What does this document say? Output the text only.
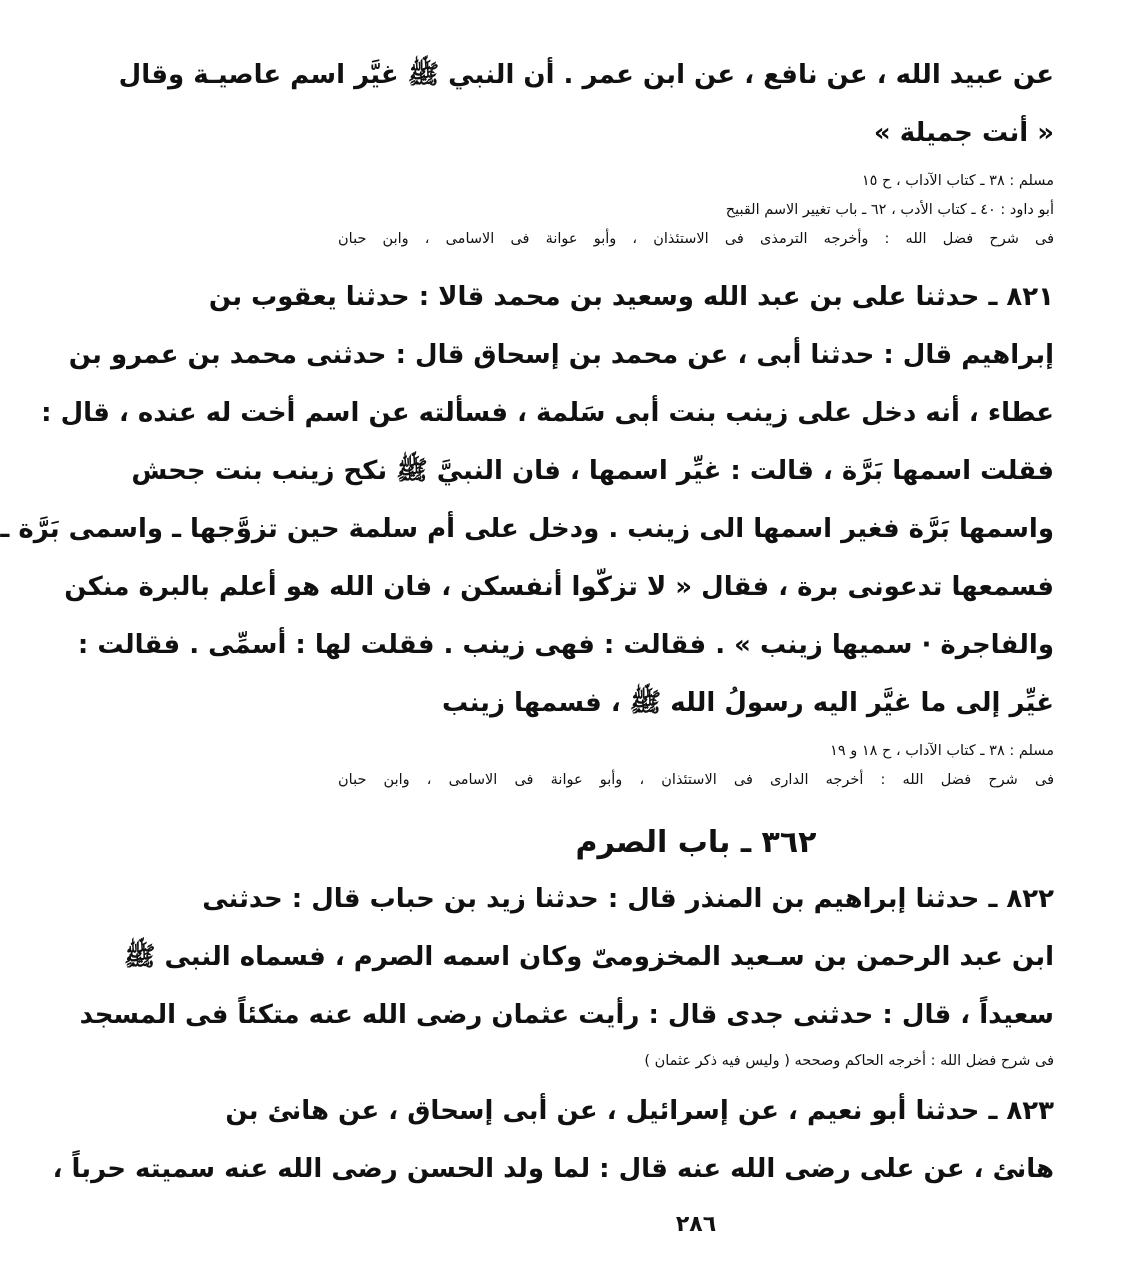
عن عبيد الله ، عن نافع ، عن ابن عمر . أن النبي ﷺ غيَّر اسم عاصيـة وقال
« أنت جميلة »
مسلم : ٣٨ ـ كتاب الآداب ، ح ١٥
أبو داود : ٤٠ ـ كتاب الأدب ، ٦٢ ـ باب تغيير الاسم القبيح
فى شرح فضل الله : وأخرجه الترمذى فى الاستئذان ، وأبو عوانة فى الاسامى ، وابن حبان
٨٢١ ـ حدثنا على بن عبد الله وسعيد بن محمد قالا : حدثنا يعقوب بن
إبراهيم قال : حدثنا أبى ، عن محمد بن إسحاق قال : حدثنى محمد بن عمرو بن
عطاء ، أنه دخل على زينب بنت أبى سَلمة ، فسألته عن اسم أخت له عنده ، قال :
فقلت اسمها بَرَّة ، قالت : غيِّر اسمها ، فان النبيَّ ﷺ نكح زينب بنت جحش
واسمها بَرَّة فغير اسمها الى زينب . ودخل على أم سلمة حين تزوَّجها ـ واسمى بَرَّة ـ
فسمعها تدعونى برة ، فقال « لا تزكّوا أنفسكن ، فان الله هو أعلم بالبرة منكن
والفاجرة · سميها زينب » . فقالت : فهى زينب . فقلت لها : أسمِّى . فقالت :
غيِّر إلى ما غيَّر اليه رسولُ الله ﷺ ، فسمها زينب
مسلم : ٣٨ ـ كتاب الآداب ، ح ١٨ و ١٩
فى شرح فضل الله : أخرجه الدارى فى الاستئذان ، وأبو عوانة فى الاسامى ، وابن حبان
٣٦٢ ـ باب الصرم
٨٢٢ ـ حدثنا إبراهيم بن المنذر قال : حدثنا زيد بن حباب قال : حدثنى
ابن عبد الرحمن بن سـعيد المخزومىّ وكان اسمه الصرم ، فسماه النبى ﷺ
سعيداً ، قال : حدثنى جدى قال : رأيت عثمان رضى الله عنه متكئاً فى المسجد
فى شرح فضل الله : أخرجه الحاكم وصححه ( وليس فيه ذكر عثمان )
٨٢٣ ـ حدثنا أبو نعيم ، عن إسرائيل ، عن أبى إسحاق ، عن هانئ بن
هانئ ، عن على رضى الله عنه قال : لما ولد الحسن رضى الله عنه سميته حرباً ،
٢٨٦
